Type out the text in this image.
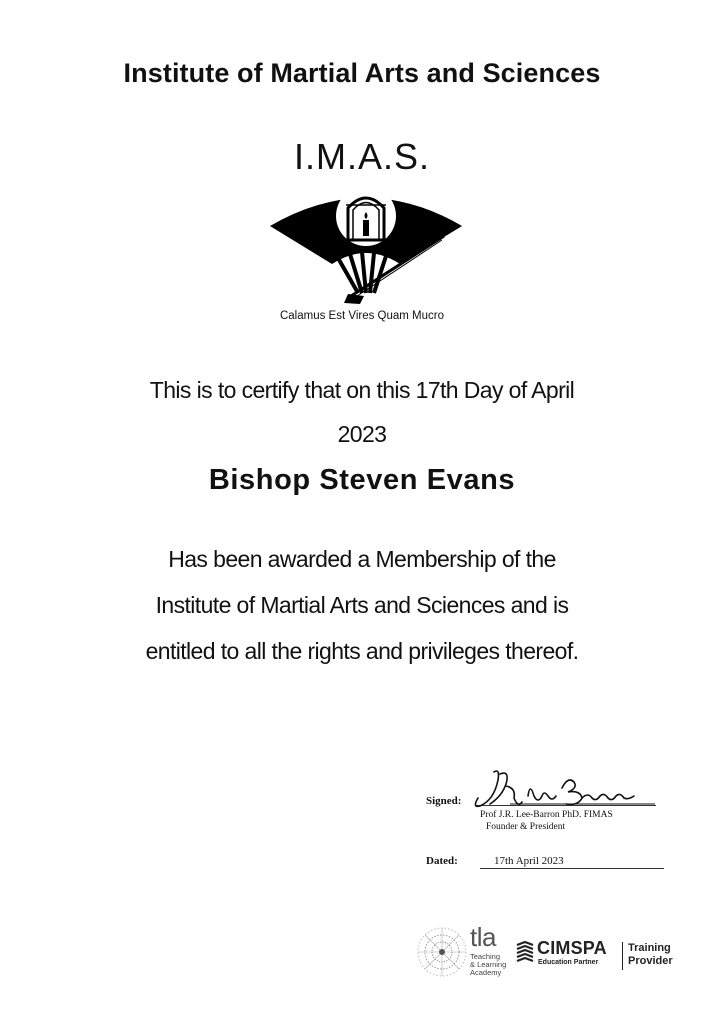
Institute of Martial Arts and Sciences
I.M.A.S.
Calamus Est Vires Quam Mucro
This is to certify that on this 17th Day of April
2023
Bishop Steven Evans
Has been awarded a Membership of the
Institute of Martial Arts and Sciences and is
entitled to all the rights and privileges thereof.
Signed:
Prof J.R. Lee-Barron PhD. FIMAS
Founder & President
Dated:	17th April 2023
tla
Teaching
& Learning
Academy
CIMSPA
Education Partner
Training
Provider
